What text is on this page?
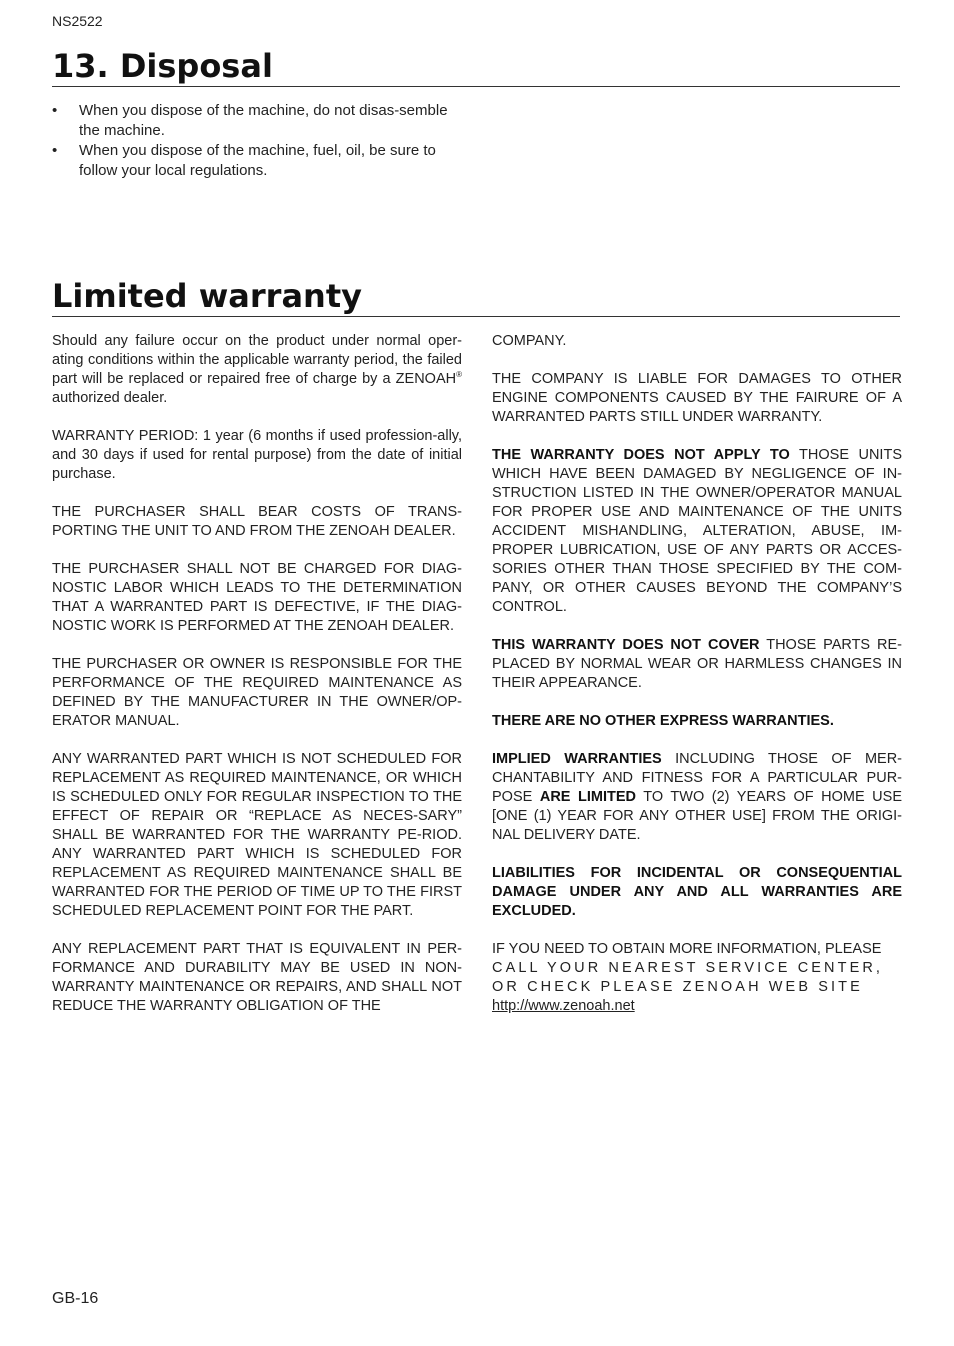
NS2522
13. Disposal
• When you dispose of the machine, do not disas-semble the machine.
• When you dispose of the machine, fuel, oil, be sure to follow your local regulations.
Limited warranty

Should any failure occur on the product under normal oper-ating conditions within the applicable warranty period, the failed part will be replaced or repaired free of charge by a ZENOAH® authorized dealer.

WARRANTY PERIOD: 1 year (6 months if used profession-ally, and 30 days if used for rental purpose) from the date of initial purchase.

THE PURCHASER SHALL BEAR COSTS OF TRANS-PORTING THE UNIT TO AND FROM THE ZENOAH DEALER.

THE PURCHASER SHALL NOT BE CHARGED FOR DIAG-NOSTIC LABOR WHICH LEADS TO THE DETERMINATION THAT A WARRANTED PART IS DEFECTIVE, IF THE DIAG-NOSTIC WORK IS PERFORMED AT THE ZENOAH DEALER.

THE PURCHASER OR OWNER IS RESPONSIBLE FOR THE PERFORMANCE OF THE REQUIRED MAINTENANCE AS DEFINED BY THE MANUFACTURER IN THE OWNER/OP-ERATOR MANUAL.

ANY WARRANTED PART WHICH IS NOT SCHEDULED FOR REPLACEMENT AS REQUIRED MAINTENANCE, OR WHICH IS SCHEDULED ONLY FOR REGULAR INSPECTION TO THE EFFECT OF REPAIR OR “REPLACE AS NECES-SARY” SHALL BE WARRANTED FOR THE WARRANTY PE-RIOD. ANY WARRANTED PART WHICH IS SCHEDULED FOR REPLACEMENT AS REQUIRED MAINTENANCE SHALL BE WARRANTED FOR THE PERIOD OF TIME UP TO THE FIRST SCHEDULED REPLACEMENT POINT FOR THE PART.

ANY REPLACEMENT PART THAT IS EQUIVALENT IN PER-FORMANCE AND DURABILITY MAY BE USED IN NON-WARRANTY MAINTENANCE OR REPAIRS, AND SHALL NOT REDUCE THE WARRANTY OBLIGATION OF THE

COMPANY.

THE COMPANY IS LIABLE FOR DAMAGES TO OTHER ENGINE COMPONENTS CAUSED BY THE FAIRURE OF A WARRANTED PARTS STILL UNDER WARRANTY.

THE WARRANTY DOES NOT APPLY TO THOSE UNITS WHICH HAVE BEEN DAMAGED BY NEGLIGENCE OF IN-STRUCTION LISTED IN THE OWNER/OPERATOR MANUAL FOR PROPER USE AND MAINTENANCE OF THE UNITS ACCIDENT MISHANDLING, ALTERATION, ABUSE, IM-PROPER LUBRICATION, USE OF ANY PARTS OR ACCES-SORIES OTHER THAN THOSE SPECIFIED BY THE COM-PANY, OR OTHER CAUSES BEYOND THE COMPANY’S CONTROL.

THIS WARRANTY DOES NOT COVER THOSE PARTS RE-PLACED BY NORMAL WEAR OR HARMLESS CHANGES IN THEIR APPEARANCE.

THERE ARE NO OTHER EXPRESS WARRANTIES.

IMPLIED WARRANTIES INCLUDING THOSE OF MER-CHANTABILITY AND FITNESS FOR A PARTICULAR PUR-POSE ARE LIMITED TO TWO (2) YEARS OF HOME USE [ONE (1) YEAR FOR ANY OTHER USE] FROM THE ORIGI-NAL DELIVERY DATE.

LIABILITIES FOR INCIDENTAL OR CONSEQUENTIAL DAMAGE UNDER ANY AND ALL WARRANTIES ARE EXCLUDED.

IF YOU NEED TO OBTAIN MORE INFORMATION, PLEASE
CALL YOUR NEAREST SERVICE CENTER,
OR CHECK PLEASE ZENOAH WEB SITE
http://www.zenoah.net

GB-16
